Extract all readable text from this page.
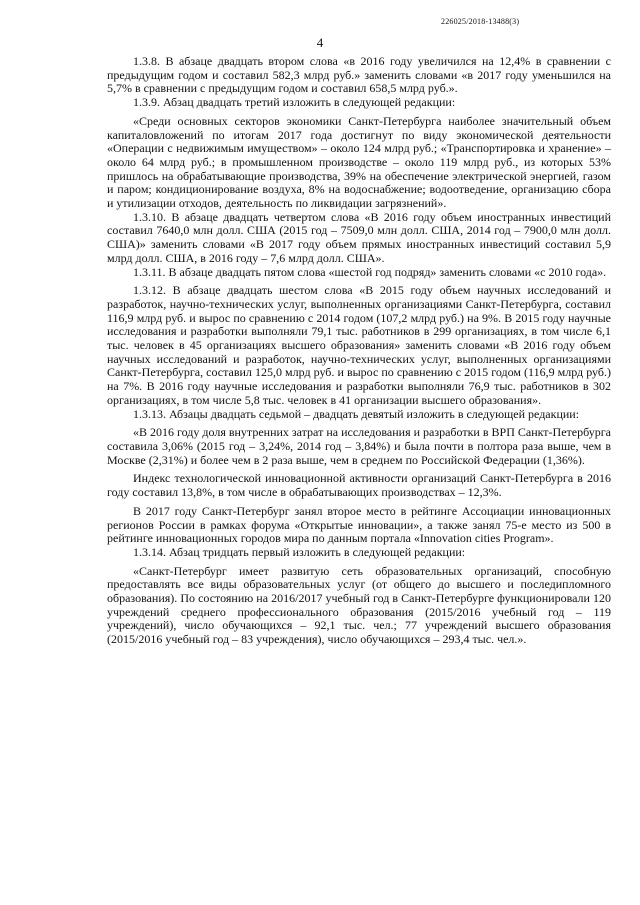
226025/2018-13488(3)
4

1.3.8. В абзаце двадцать втором слова «в 2016 году увеличился на 12,4% в сравнении с предыдущим годом и составил 582,3 млрд руб.» заменить словами «в 2017 году уменьшился на 5,7% в сравнении с предыдущим годом и составил 658,5 млрд руб.».

1.3.9. Абзац двадцать третий изложить в следующей редакции:

«Среди основных секторов экономики Санкт-Петербурга наиболее значительный объем капиталовложений по итогам 2017 года достигнут по виду экономической деятельности «Операции с недвижимым имуществом» – около 124 млрд руб.; «Транспортировка и хранение» – около 64 млрд руб.; в промышленном производстве – около 119 млрд руб., из которых 53% пришлось на обрабатывающие производства, 39% на обеспечение электрической энергией, газом и паром; кондиционирование воздуха, 8% на водоснабжение; водоотведение, организацию сбора и утилизации отходов, деятельность по ликвидации загрязнений».

1.3.10. В абзаце двадцать четвертом слова «В 2016 году объем иностранных инвестиций составил 7640,0 млн долл. США (2015 год – 7509,0 млн долл. США, 2014 год – 7900,0 млн долл. США)» заменить словами «В 2017 году объем прямых иностранных инвестиций составил 5,9 млрд долл. США, в 2016 году – 7,6 млрд долл. США».

1.3.11. В абзаце двадцать пятом слова «шестой год подряд» заменить словами «с 2010 года».

1.3.12. В абзаце двадцать шестом слова «В 2015 году объем научных исследований и разработок, научно-технических услуг, выполненных организациями Санкт-Петербурга, составил 116,9 млрд руб. и вырос по сравнению с 2014 годом (107,2 млрд руб.) на 9%. В 2015 году научные исследования и разработки выполняли 79,1 тыс. работников в 299 организациях, в том числе 6,1 тыс. человек в 45 организациях высшего образования» заменить словами «В 2016 году объем научных исследований и разработок, научно-технических услуг, выполненных организациями Санкт-Петербурга, составил 125,0 млрд руб. и вырос по сравнению с 2015 годом (116,9 млрд руб.) на 7%. В 2016 году научные исследования и разработки выполняли 76,9 тыс. работников в 302 организациях, в том числе 5,8 тыс. человек в 41 организации высшего образования».

1.3.13. Абзацы двадцать седьмой – двадцать девятый изложить в следующей редакции:

«В 2016 году доля внутренних затрат на исследования и разработки в ВРП Санкт-Петербурга составила 3,06% (2015 год – 3,24%, 2014 год – 3,84%) и была почти в полтора раза выше, чем в Москве (2,31%) и более чем в 2 раза выше, чем в среднем по Российской Федерации (1,36%).

Индекс технологической инновационной активности организаций Санкт-Петербурга в 2016 году составил 13,8%, в том числе в обрабатывающих производствах – 12,3%.

В 2017 году Санкт-Петербург занял второе место в рейтинге Ассоциации инновационных регионов России в рамках форума «Открытые инновации», а также занял 75-е место из 500 в рейтинге инновационных городов мира по данным портала «Innovation cities Program».

1.3.14. Абзац тридцать первый изложить в следующей редакции:

«Санкт-Петербург имеет развитую сеть образовательных организаций, способную предоставлять все виды образовательных услуг (от общего до высшего и последипломного образования). По состоянию на 2016/2017 учебный год в Санкт-Петербурге функционировали 120 учреждений среднего профессионального образования (2015/2016 учебный год – 119 учреждений), число обучающихся – 92,1 тыс. чел.; 77 учреждений высшего образования (2015/2016 учебный год – 83 учреждения), число обучающихся – 293,4 тыс. чел.».
